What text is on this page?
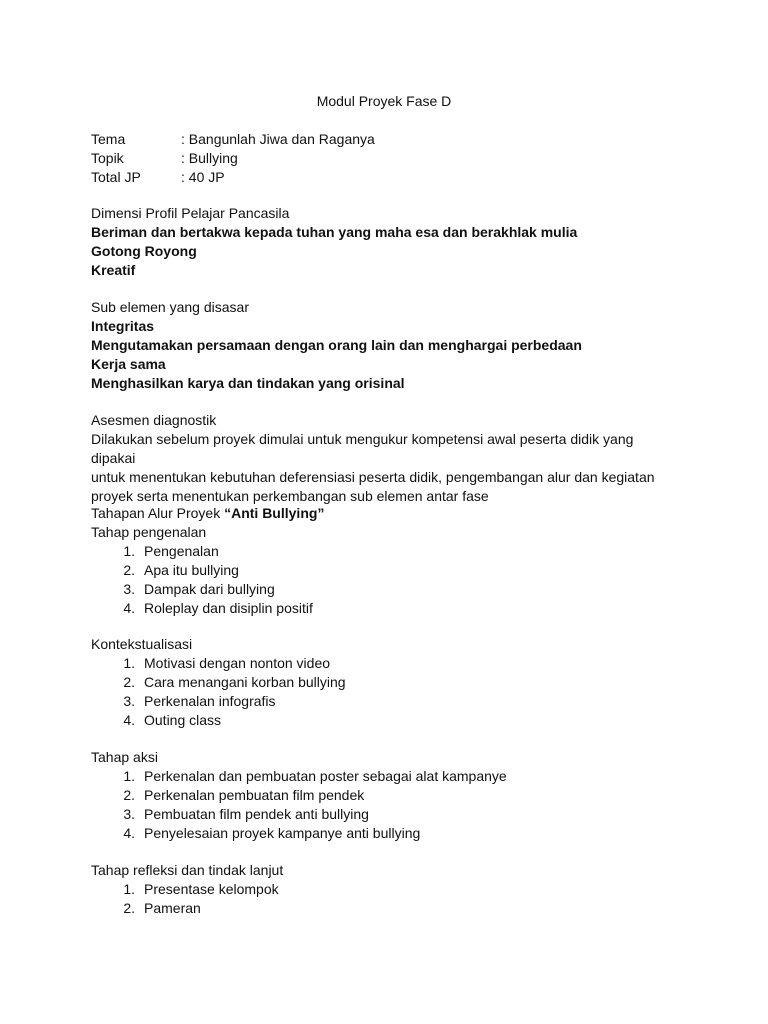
Modul Proyek Fase D
Tema	: Bangunlah Jiwa dan Raganya
Topik	: Bullying
Total JP	: 40 JP
Dimensi Profil Pelajar Pancasila
Beriman dan bertakwa kepada tuhan yang maha esa dan berakhlak mulia
Gotong Royong
Kreatif
Sub elemen yang disasar
Integritas
Mengutamakan persamaan dengan orang lain dan menghargai perbedaan
Kerja sama
Menghasilkan karya dan tindakan yang orisinal
Asesmen diagnostik
Dilakukan sebelum proyek dimulai untuk mengukur kompetensi awal peserta didik yang dipakai
untuk menentukan kebutuhan deferensiasi peserta didik, pengembangan alur dan kegiatan
proyek serta menentukan perkembangan sub elemen antar fase
Tahapan Alur Proyek “Anti Bullying”
Tahap pengenalan
1. Pengenalan
2. Apa itu bullying
3. Dampak dari bullying
4. Roleplay dan disiplin positif
Kontekstualisasi
1. Motivasi dengan nonton video
2. Cara menangani korban bullying
3. Perkenalan infografis
4. Outing class
Tahap aksi
1. Perkenalan dan pembuatan poster sebagai alat kampanye
2. Perkenalan pembuatan film pendek
3. Pembuatan film pendek anti bullying
4. Penyelesaian proyek kampanye anti bullying
Tahap refleksi dan tindak lanjut
1. Presentase kelompok
2. Pameran
